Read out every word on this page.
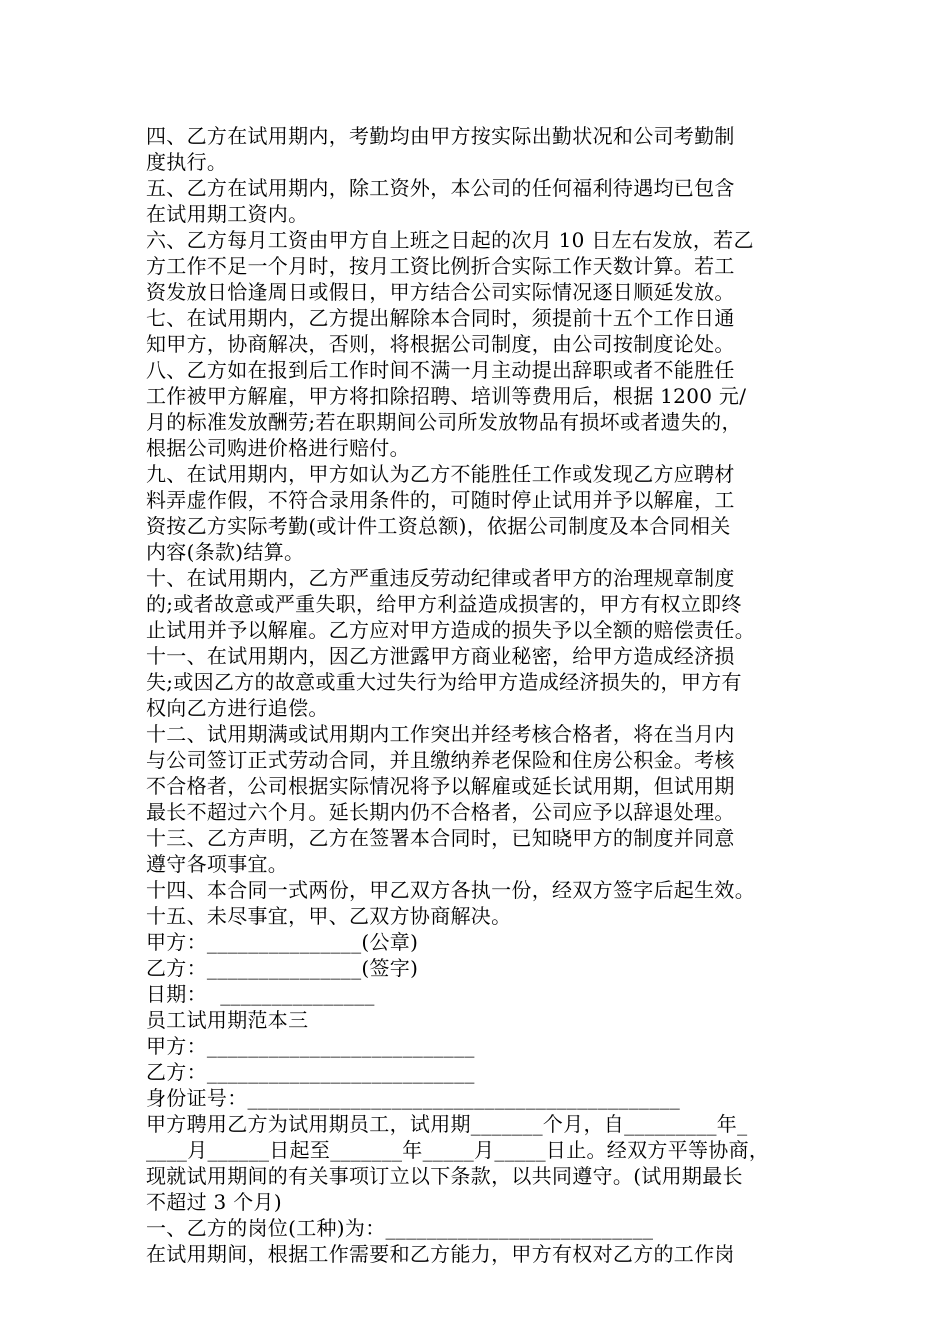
四、乙方在试用期内，考勤均由甲方按实际出勤状况和公司考勤制
度执行。
五、乙方在试用期内，除工资外，本公司的任何福利待遇均已包含
在试用期工资内。
六、乙方每月工资由甲方自上班之日起的次月 10 日左右发放，若乙
方工作不足一个月时，按月工资比例折合实际工作天数计算。若工
资发放日恰逢周日或假日，甲方结合公司实际情况逐日顺延发放。
七、在试用期内，乙方提出解除本合同时，须提前十五个工作日通
知甲方，协商解决，否则，将根据公司制度，由公司按制度论处。
八、乙方如在报到后工作时间不满一月主动提出辞职或者不能胜任
工作被甲方解雇，甲方将扣除招聘、培训等费用后，根据 1200 元/
月的标准发放酬劳;若在职期间公司所发放物品有损坏或者遗失的，
根据公司购进价格进行赔付。
九、在试用期内，甲方如认为乙方不能胜任工作或发现乙方应聘材
料弄虚作假，不符合录用条件的，可随时停止试用并予以解雇，工
资按乙方实际考勤(或计件工资总额)，依据公司制度及本合同相关
内容(条款)结算。
十、在试用期内，乙方严重违反劳动纪律或者甲方的治理规章制度
的;或者故意或严重失职，给甲方利益造成损害的，甲方有权立即终
止试用并予以解雇。乙方应对甲方造成的损失予以全额的赔偿责任。
十一、在试用期内，因乙方泄露甲方商业秘密，给甲方造成经济损
失;或因乙方的故意或重大过失行为给甲方造成经济损失的，甲方有
权向乙方进行追偿。
十二、试用期满或试用期内工作突出并经考核合格者，将在当月内
与公司签订正式劳动合同，并且缴纳养老保险和住房公积金。考核
不合格者，公司根据实际情况将予以解雇或延长试用期，但试用期
最长不超过六个月。延长期内仍不合格者，公司应予以辞退处理。
十三、乙方声明，乙方在签署本合同时，已知晓甲方的制度并同意
遵守各项事宜。
十四、本合同一式两份，甲乙双方各执一份，经双方签字后起生效。
十五、未尽事宜，甲、乙双方协商解决。
甲方：_______________(公章)
乙方：_______________(签字)
日期：  _______________
员工试用期范本三
甲方：__________________________
乙方：__________________________
身份证号：__________________________________________
甲方聘用乙方为试用期员工，试用期_______个月，自_________年_
____月______日起至_______年_____月_____日止。经双方平等协商，
现就试用期间的有关事项订立以下条款，以共同遵守。(试用期最长
不超过 3 个月)
一、乙方的岗位(工种)为：__________________________
在试用期间，根据工作需要和乙方能力，甲方有权对乙方的工作岗
